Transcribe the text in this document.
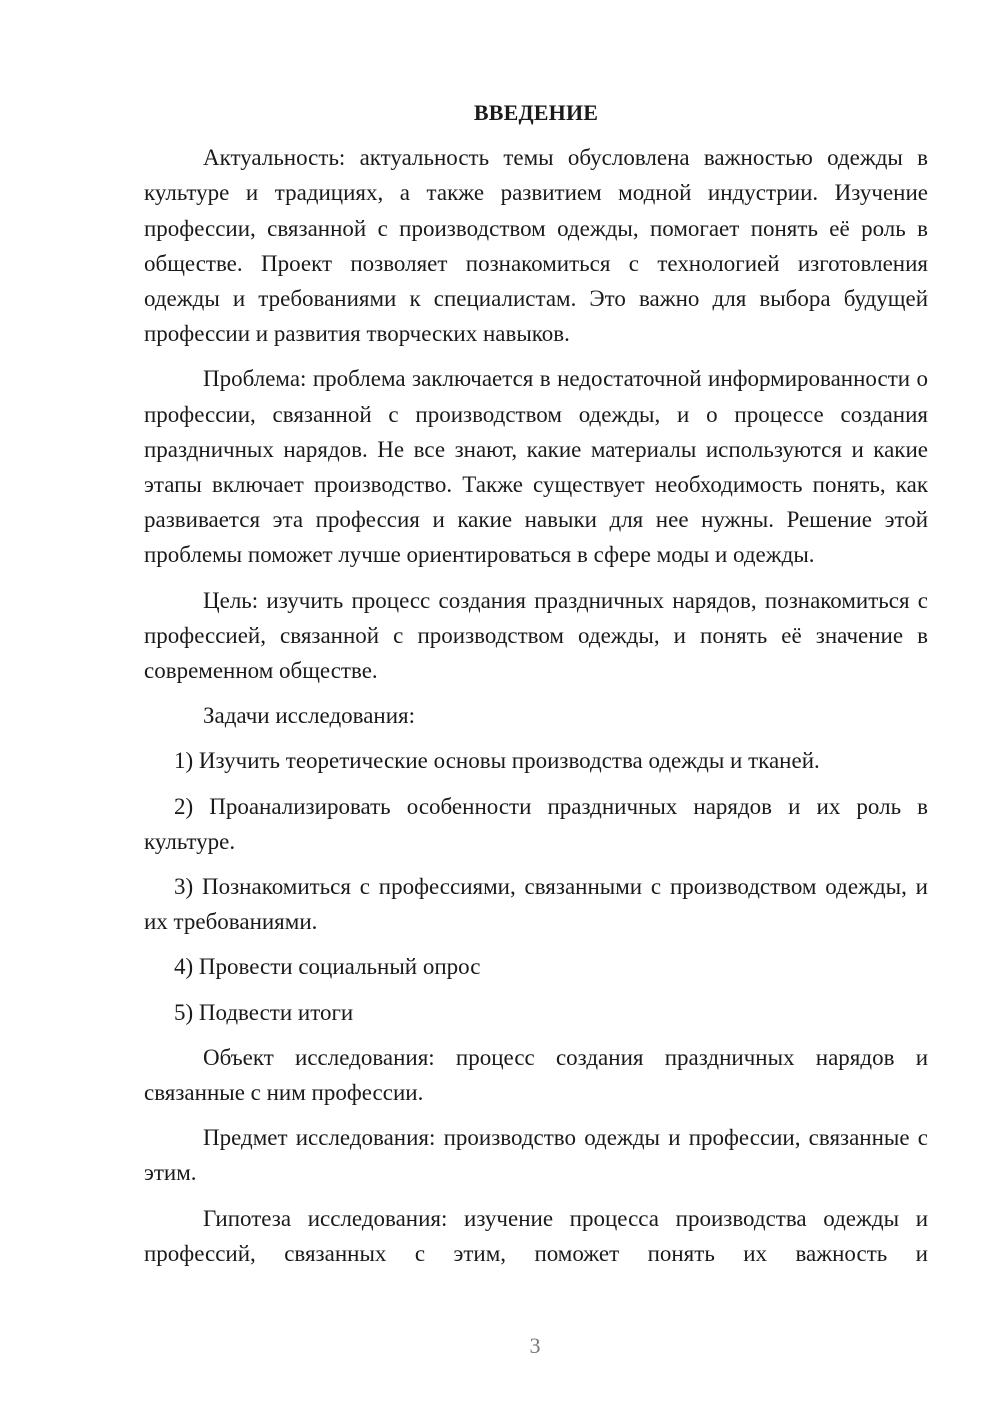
ВВЕДЕНИЕ

Актуальность: актуальность темы обусловлена важностью одежды в культуре и традициях, а также развитием модной индустрии. Изучение профессии, связанной с производством одежды, помогает понять её роль в обществе. Проект позволяет познакомиться с технологией изготовления одежды и требованиями к специалистам. Это важно для выбора будущей профессии и развития творческих навыков.

Проблема: проблема заключается в недостаточной информированности о профессии, связанной с производством одежды, и о процессе создания праздничных нарядов. Не все знают, какие материалы используются и какие этапы включает производство. Также существует необходимость понять, как развивается эта профессия и какие навыки для нее нужны. Решение этой проблемы поможет лучше ориентироваться в сфере моды и одежды.

Цель: изучить процесс создания праздничных нарядов, познакомиться с профессией, связанной с производством одежды, и понять её значение в современном обществе.

Задачи исследования:

1) Изучить теоретические основы производства одежды и тканей.

2) Проанализировать особенности праздничных нарядов и их роль в культуре.

3) Познакомиться с профессиями, связанными с производством одежды, и их требованиями.

4) Провести социальный опрос

5) Подвести итоги

Объект исследования: процесс создания праздничных нарядов и связанные с ним профессии.

Предмет исследования: производство одежды и профессии, связанные с этим.

Гипотеза исследования: изучение процесса производства одежды и профессий, связанных с этим, поможет понять их важность и

3
